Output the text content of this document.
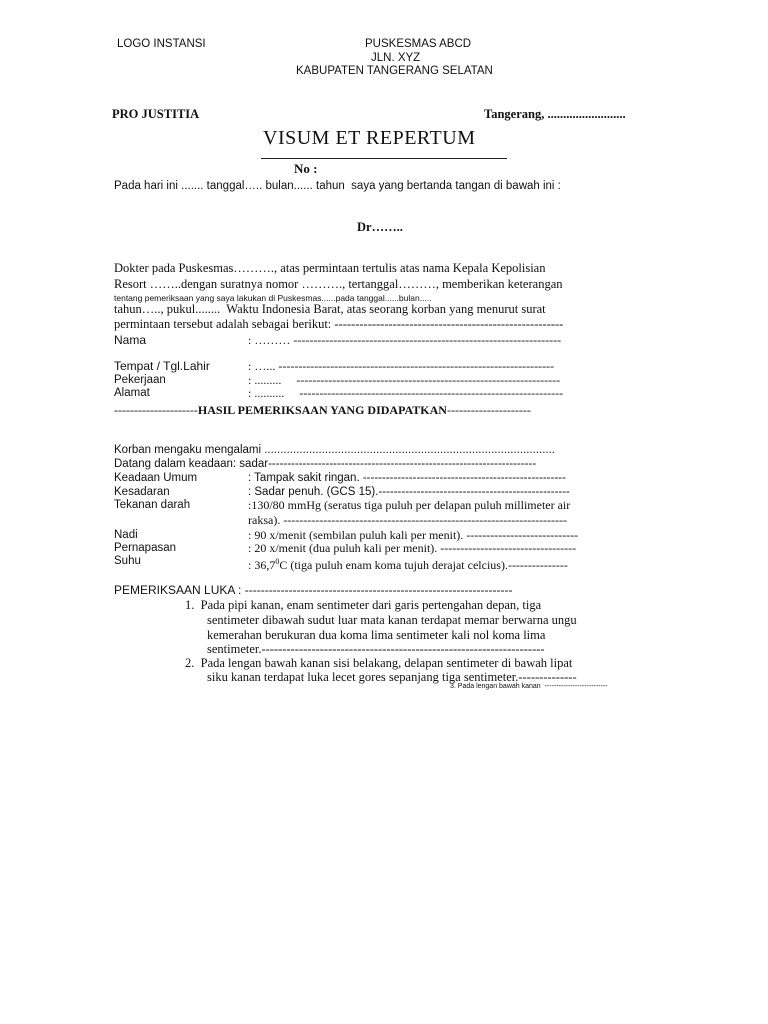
LOGO INSTANSI	PUSKESMAS ABCD
JLN. XYZ
KABUPATEN TANGERANG SELATAN
PRO JUSTITIA	Tangerang, .........................
VISUM ET REPERTUM
No :
Pada hari ini ....... tanggal….. bulan...... tahun  saya yang bertanda tangan di bawah ini :
Dr……..
Dokter pada Puskesmas………., atas permintaan tertulis atas nama Kepala Kepolisian
Resort ……..dengan suratnya nomor ………., tertanggal………, memberikan keterangan
tentang pemeriksaan yang saya lakukan di Puskesmas......pada tanggal......bulan.....
tahun….., pukul........  Waktu Indonesia Barat, atas seorang korban yang menurut surat
permintaan tersebut adalah sebagai berikut: -------------------------------------------------------
Nama	: ……… -------------------------------------------------------------------
Tempat / Tgl.Lahir	: …... ---------------------------------------------------------------------
Pekerjaan	: .........     ------------------------------------------------------------------
Alamat	: ..........     ------------------------------------------------------------------
---------------------HASIL PEMERIKSAAN YANG DIDAPATKAN---------------------
Korban mengaku mengalami ...........................................................................................
Datang dalam keadaan: sadar----------------------------------------------------------------------
Keadaan Umum	: Tampak sakit ringan. -----------------------------------------------------
Kesadaran	: Sadar penuh. (GCS 15).--------------------------------------------------
Tekanan darah	:130/80 mmHg (seratus tiga puluh per delapan puluh millimeter air
raksa). -----------------------------------------------------------------------
Nadi	: 90 x/menit (sembilan puluh kali per menit). ----------------------------
Pernapasan	: 20 x/menit (dua puluh kali per menit). ----------------------------------
Suhu	: 36,7$^0$C (tiga puluh enam koma tujuh derajat celcius).---------------
PEMERIKSAAN LUKA : -------------------------------------------------------------------
1.  Pada pipi kanan, enam sentimeter dari garis pertengahan depan, tiga
sentimeter dibawah sudut luar mata kanan terdapat memar berwarna ungu
kemerahan berukuran dua koma lima sentimeter kali nol koma lima
sentimeter.--------------------------------------------------------------------
2.  Pada lengan bawah kanan sisi belakang, delapan sentimeter di bawah lipat
siku kanan terdapat luka lecet gores sepanjang tiga sentimeter.--------------
3. Pada lengan bawah kanan  ---------------------------
